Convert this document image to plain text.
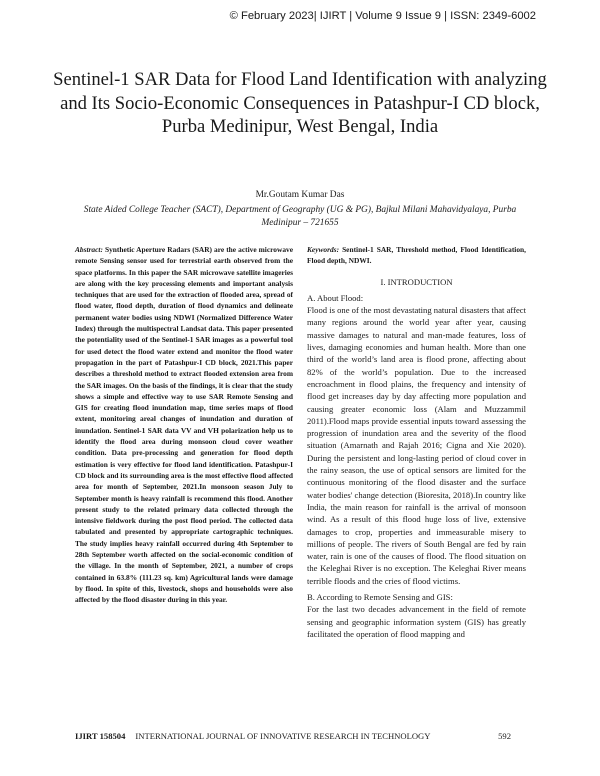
© February 2023| IJIRT | Volume 9 Issue 9 | ISSN: 2349-6002
Sentinel-1 SAR Data for Flood Land Identification with analyzing and Its Socio-Economic Consequences in Patashpur-I CD block, Purba Medinipur, West Bengal, India
Mr.Goutam Kumar Das
State Aided College Teacher (SACT), Department of Geography (UG & PG), Bajkul Milani Mahavidyalaya, Purba Medinipur – 721655
Abstract: Synthetic Aperture Radars (SAR) are the active microwave remote Sensing sensor used for terrestrial earth observed from the space platforms. In this paper the SAR microwave satellite imageries are along with the key processing elements and important analysis techniques that are used for the extraction of flooded area, spread of flood water, flood depth, duration of flood dynamics and delineate permanent water bodies using NDWI (Normalized Difference Water Index) through the multispectral Landsat data. This paper presented the potentiality used of the Sentinel-1 SAR images as a powerful tool for used detect the flood water extend and monitor the flood water propagation in the part of Patashpur-I CD block, 2021.This paper describes a threshold method to extract flooded extension area from the SAR images. On the basis of the findings, it is clear that the study shows a simple and effective way to use SAR Remote Sensing and GIS for creating flood inundation map, time series maps of flood extent, monitoring areal changes of inundation and duration of inundation. Sentinel-1 SAR data VV and VH polarization help us to identify the flood area during monsoon cloud cover weather condition. Data pre-processing and generation for flood depth estimation is very effective for flood land identification. Patashpur-I CD block and its surrounding area is the most effective flood affected area for month of September, 2021.In monsoon season July to September month is heavy rainfall is recommend this flood. Another present study to the related primary data collected through the intensive fieldwork during the post flood period. The collected data tabulated and presented by appropriate cartographic techniques. The study implies heavy rainfall occurred during 4th September to 28th September worth affected on the social-economic condition of the village. In the month of September, 2021, a number of crops contained in 63.8% (111.23 sq. km) Agricultural lands were damage by flood. In spite of this, livestock, shops and households were also affected by the flood disaster during in this year.
Keywords: Sentinel-1 SAR, Threshold method, Flood Identification, Flood depth, NDWI.
I. INTRODUCTION
A. About Flood:

Flood is one of the most devastating natural disasters that affect many regions around the world year after year, causing massive damages to natural and man-made features, loss of lives, damaging economies and human health. More than one third of the world’s land area is flood prone, affecting about 82% of the world’s population. Due to the increased encroachment in flood plains, the frequency and intensity of flood get increases day by day affecting more population and causing greater economic loss (Alam and Muzzammil 2011).Flood maps provide essential inputs toward assessing the progression of inundation area and the severity of the flood situation (Amarnath and Rajah 2016; Cigna and Xie 2020). During the persistent and long-lasting period of cloud cover in the rainy season, the use of optical sensors are limited for the continuous monitoring of the flood disaster and the surface water bodies' change detection (Bioresita, 2018).In country like India, the main reason for rainfall is the arrival of monsoon wind. As a result of this flood huge loss of live, extensive damages to crop, properties and immeasurable misery to millions of people. The rivers of South Bengal are fed by rain water, rain is one of the causes of flood. The flood situation on the Keleghai River is no exception. The Keleghai River means terrible floods and the cries of flood victims.

B. According to Remote Sensing and GIS:

For the last two decades advancement in the field of remote sensing and geographic information system (GIS) has greatly facilitated the operation of flood mapping and

IJIRT 158504 INTERNATIONAL JOURNAL OF INNOVATIVE RESEARCH IN TECHNOLOGY	592
